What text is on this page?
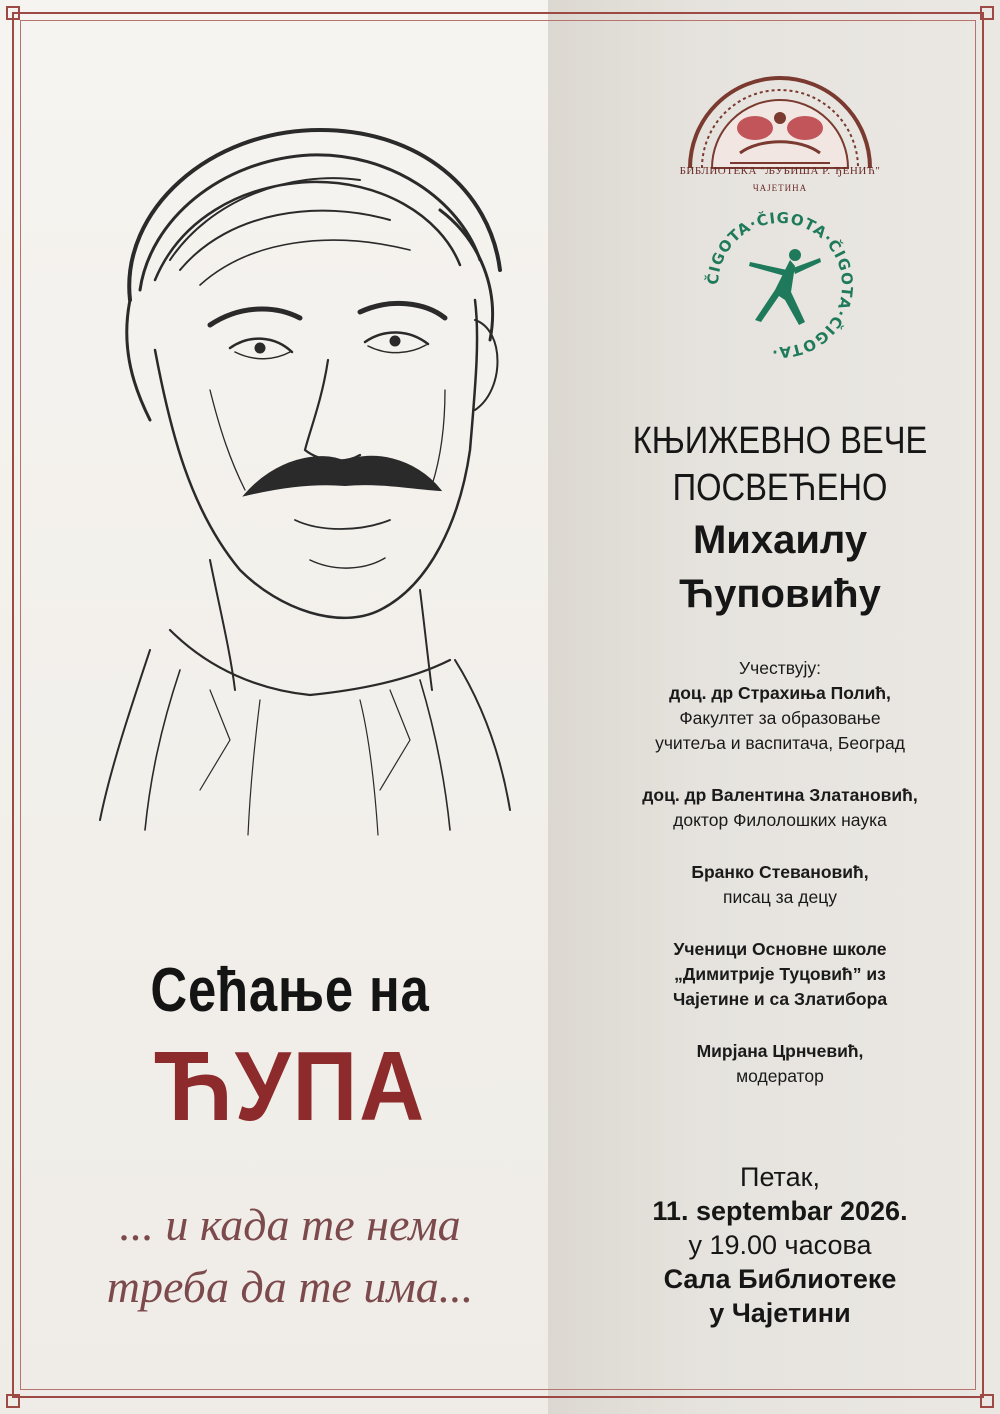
Сећање на
ЋУПА
... и када те нема
треба да те има...
БИБЛИОТЕКА "ЉУБИША Р. ЂЕНИЋ"
ЧАЈЕТИНА
ČIGOTA·ČIGOTA·ČIGOTA·ČIGOTA·
КЊИЖЕВНО ВЕЧЕ
ПОСВЕЋЕНО
Михаилу
Ћуповићу
Учествују:
доц. др Страхиња Полић,
Факултет за образовање
учитеља и васпитача, Београд
доц. др Валентина Златановић,
доктор Филолошких наука
Бранко Стевановић,
писац за децу
Ученици Основне школе
„Димитрије Туцовић” из
Чајетине и са Златибора
Мирјана Црнчевић,
модератор
Петак,
11. septembar 2026.
у 19.00 часова
Сала Библиотеке
у Чајетини
